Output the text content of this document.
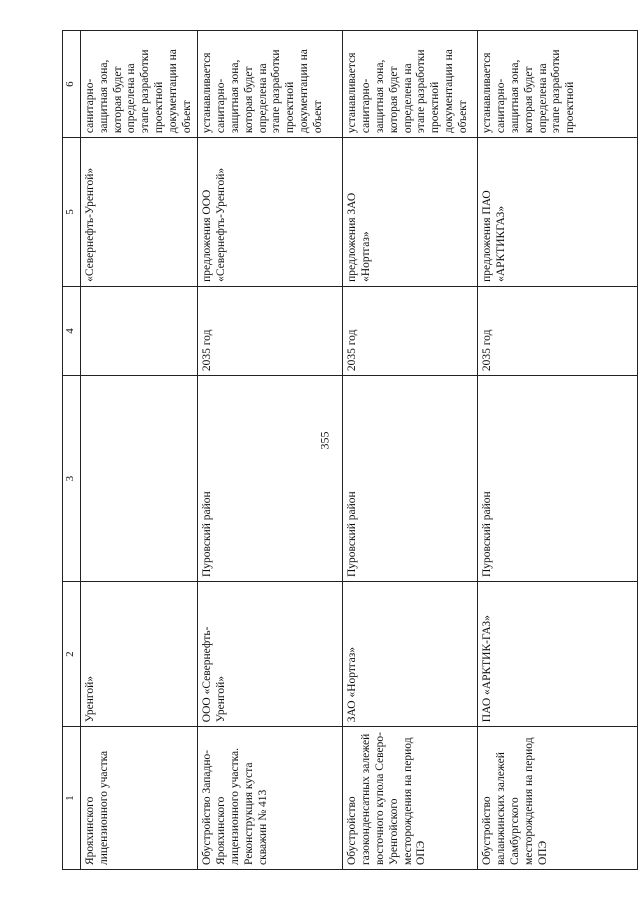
355
1	2	3	4	5	6
Ярояхинского лицензионного участка	Уренгой»			«Севернефть-Уренгой»	санитарно-защитная зона, которая будет определена на этапе разработки проектной документации на объект
Обустройство Западно-Ярояхинского лицензионного участка. Реконструкция куста скважин № 413	ООО «Севернефть-Уренгой»	Пуровский район	2035 год	предложения ООО «Севернефть-Уренгой»	устанавливается санитарно-защитная зона, которая будет определена на этапе разработки проектной документации на объект
Обустройство газоконденсатных залежей восточного купола Северо-Уренгойского месторождения на период ОПЭ	ЗАО «Нортгаз»	Пуровский район	2035 год	предложения ЗАО «Нортгаз»	устанавливается санитарно-защитная зона, которая будет определена на этапе разработки проектной документации на объект
Обустройство валанжинских залежей Самбургского месторождения на период ОПЭ	ПАО «АРКТИК-ГАЗ»	Пуровский район	2035 год	предложения ПАО «АРКТИКГАЗ»	устанавливается санитарно-защитная зона, которая будет определена на этапе разработки проектной
